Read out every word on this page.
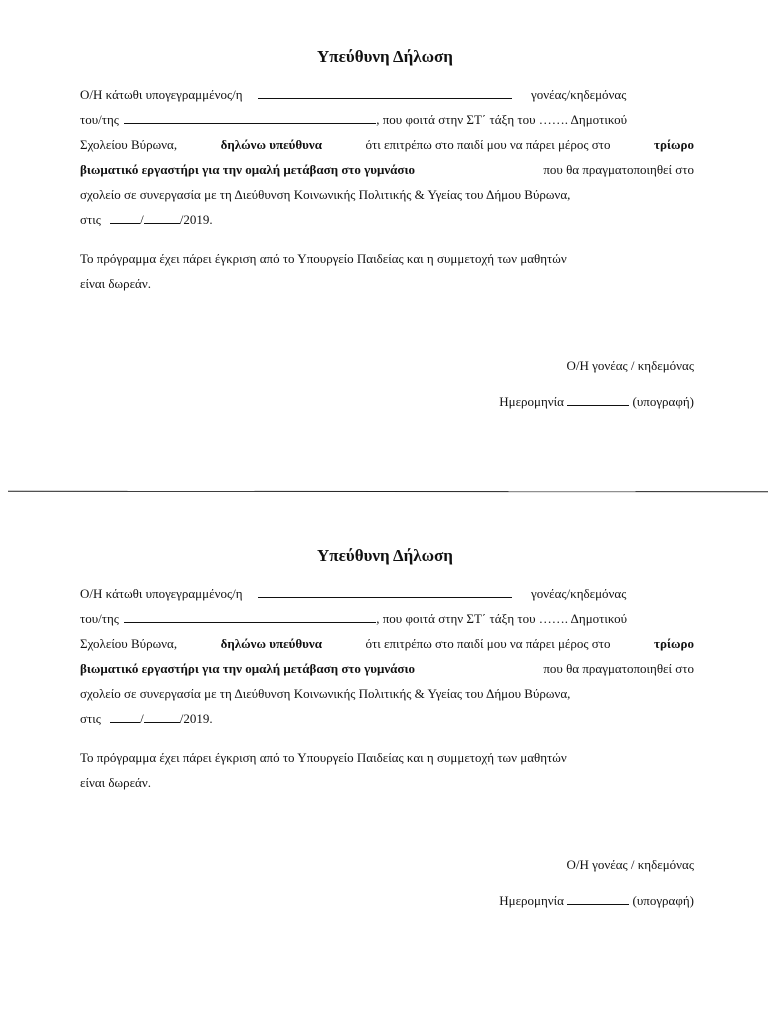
Υπεύθυνη Δήλωση
Ο/Η κάτωθι υπογεγραμμένος/η	γονέας/κηδεμόνας
του/της	, που φοιτά στην ΣΤ΄ τάξη του ……. Δημοτικού
Σχολείου Βύρωνα,	δηλώνω υπεύθυνα	ότι επιτρέπω στο παιδί μου να πάρει μέρος στο	τρίωρο
βιωματικό εργαστήρι για την ομαλή μετάβαση στο γυμνάσιο	που θα πραγματοποιηθεί στο
σχολείο σε συνεργασία με τη Διεύθυνση Κοινωνικής Πολιτικής & Υγείας του Δήμου Βύρωνα,
στις	/	/2019.
Το πρόγραμμα έχει πάρει έγκριση από το Υπουργείο Παιδείας και η συμμετοχή των μαθητών
είναι δωρεάν.
Ο/Η γονέας / κηδεμόνας
Ημερομηνία	(υπογραφή)
Υπεύθυνη Δήλωση
Ο/Η κάτωθι υπογεγραμμένος/η	γονέας/κηδεμόνας
του/της	, που φοιτά στην ΣΤ΄ τάξη του ……. Δημοτικού
Σχολείου Βύρωνα,	δηλώνω υπεύθυνα	ότι επιτρέπω στο παιδί μου να πάρει μέρος στο	τρίωρο
βιωματικό εργαστήρι για την ομαλή μετάβαση στο γυμνάσιο	που θα πραγματοποιηθεί στο
σχολείο σε συνεργασία με τη Διεύθυνση Κοινωνικής Πολιτικής & Υγείας του Δήμου Βύρωνα,
στις	/	/2019.
Το πρόγραμμα έχει πάρει έγκριση από το Υπουργείο Παιδείας και η συμμετοχή των μαθητών
είναι δωρεάν.
Ο/Η γονέας / κηδεμόνας
Ημερομηνία	(υπογραφή)
